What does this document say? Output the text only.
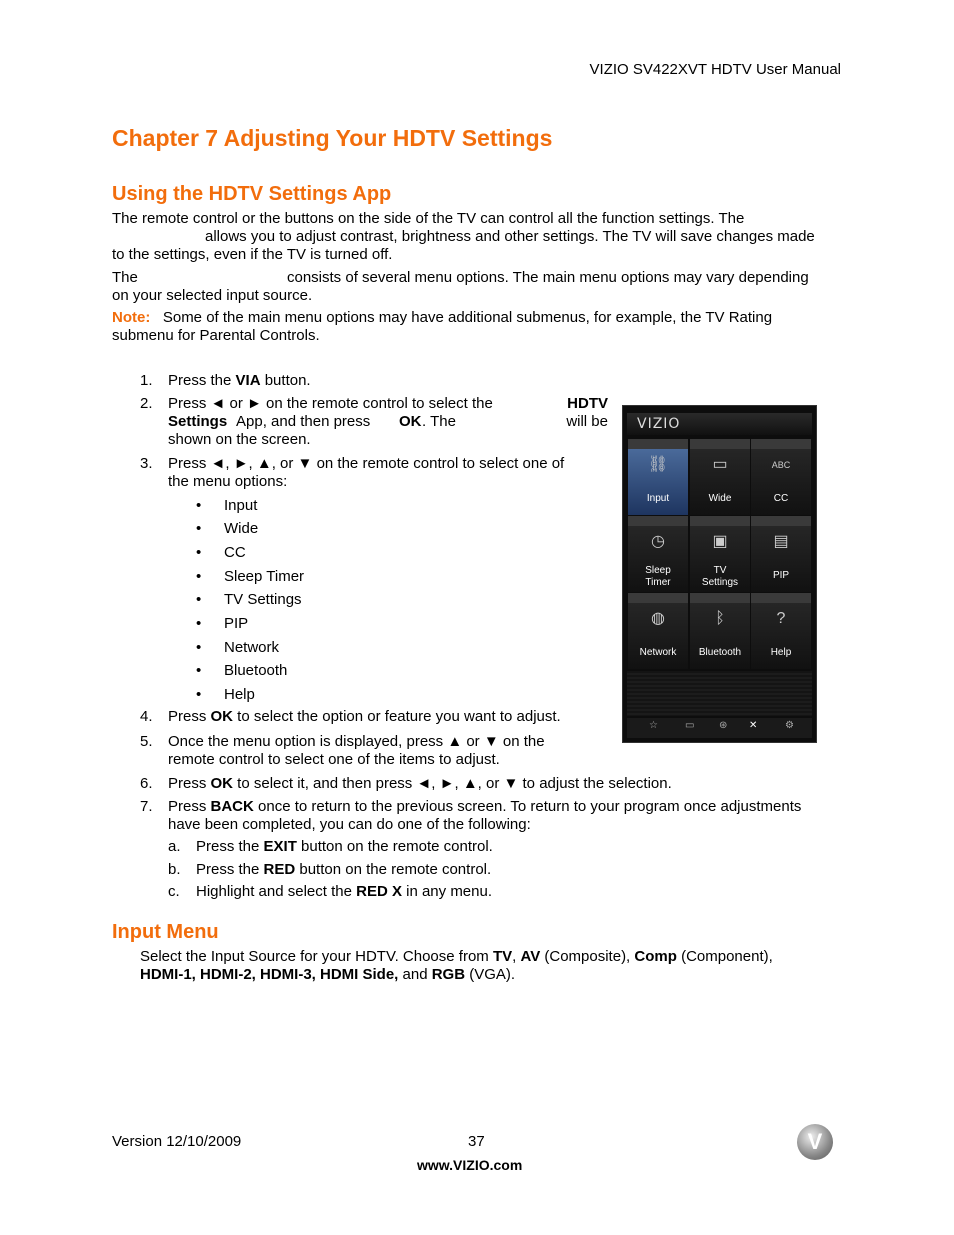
VIZIO SV422XVT HDTV User Manual
Chapter 7 Adjusting Your HDTV Settings
Using the HDTV Settings App
The remote control or the buttons on the side of the TV can control all the function settings. The
allows you to adjust contrast, brightness and other settings. The TV will save changes made
to the settings, even if the TV is turned off.
The	consists of several menu options. The main menu options may vary depending
on your selected input source.
Note: Some of the main menu options may have additional submenus, for example, the TV Rating
submenu for Parental Controls.
1.	Press the VIA button.
2.	Press ◄ or ► on the remote control to select the	HDTV
Settings App, and then press OK . The	will be
shown on the screen.
3.	Press ◄, ►, ▲, or ▼ on the remote control to select one of
the menu options:
• Input
• Wide
• CC
• Sleep Timer
• TV Settings
• PIP
• Network
• Bluetooth
• Help
4.	Press OK to select the option or feature you want to adjust.
5.	Once the menu option is displayed, press ▲ or ▼ on the
remote control to select one of the items to adjust.
6.	Press OK to select it, and then press ◄, ►, ▲, or ▼ to adjust the selection.
7.	Press BACK once to return to the previous screen. To return to your program once adjustments
have been completed, you can do one of the following:
a.	Press the EXIT button on the remote control.
b.	Press the RED button on the remote control.
c.	Highlight and select the RED X in any menu.
Input Menu
Select the Input Source for your HDTV. Choose from TV, AV (Composite), Comp (Component),
HDMI-1, HDMI-2, HDMI-3, HDMI Side, and RGB (VGA).
VIZIO
⛓
Input
▭
Wide
ABC
CC
◷
Sleep
Timer
▣
TV
Settings
▤
PIP
◍
Network
ᛒ
Bluetooth
?
Help
☆	▭ ⊛ ✕	⚙
Version 12/10/2009	37
www.VIZIO.com
V
